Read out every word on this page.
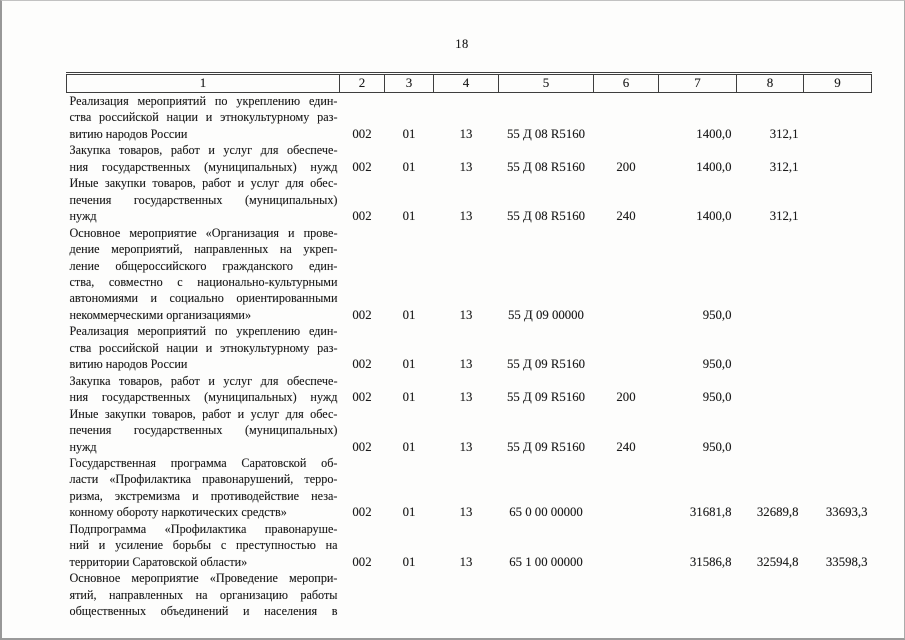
18
1	2	3	4	5	6	7	8	9

Реализация мероприятий по укреплению един-
ства российской нации и этнокультурному раз-
витию народов России	002	01	13	55 Д 08 R5160		1400,0	312,1	

Закупка товаров, работ и услуг для обеспече-
ния государственных (муниципальных) нужд	002	01	13	55 Д 08 R5160	200	1400,0	312,1	

Иные закупки товаров, работ и услуг для обес-
печения государственных (муниципальных)
нужд	002	01	13	55 Д 08 R5160	240	1400,0	312,1	

Основное мероприятие «Организация и прове-
дение мероприятий, направленных на укреп-
ление общероссийского гражданского един-
ства, совместно с национально-культурными
автономиями и социально ориентированными
некоммерческими организациями»	002	01	13	55 Д 09 00000		950,0		

Реализация мероприятий по укреплению един-
ства российской нации и этнокультурному раз-
витию народов России	002	01	13	55 Д 09 R5160		950,0		

Закупка товаров, работ и услуг для обеспече-
ния государственных (муниципальных) нужд	002	01	13	55 Д 09 R5160	200	950,0		

Иные закупки товаров, работ и услуг для обес-
печения государственных (муниципальных)
нужд	002	01	13	55 Д 09 R5160	240	950,0		

Государственная программа Саратовской об-
ласти «Профилактика правонарушений, терро-
ризма, экстремизма и противодействие неза-
конному обороту наркотических средств»	002	01	13	65 0 00 00000		31681,8	32689,8	33693,3

Подпрограмма «Профилактика правонаруше-
ний и усиление борьбы с преступностью на
территории Саратовской области»	002	01	13	65 1 00 00000		31586,8	32594,8	33598,3

Основное мероприятие «Проведение меропри-
ятий, направленных на организацию работы
общественных объединений и населения в								
